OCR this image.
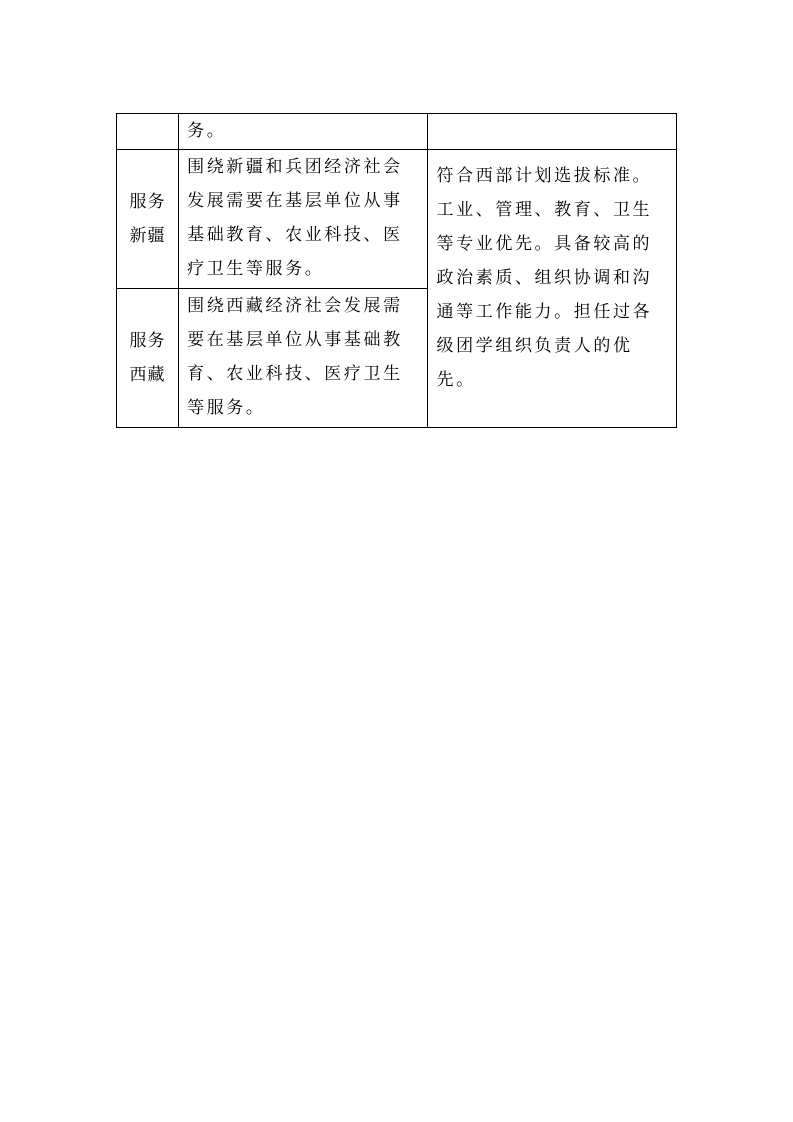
	务。	

服务
新疆	围绕新疆和兵团经济社会发展需要在基层单位从事基础教育、农业科技、医疗卫生等服务。	符合西部计划选拔标准。工业、管理、教育、卫生等专业优先。具备较高的政治素质、组织协调和沟通等工作能力。担任过各级团学组织负责人的优先。

服务
西藏	围绕西藏经济社会发展需要在基层单位从事基础教育、农业科技、医疗卫生等服务。	
